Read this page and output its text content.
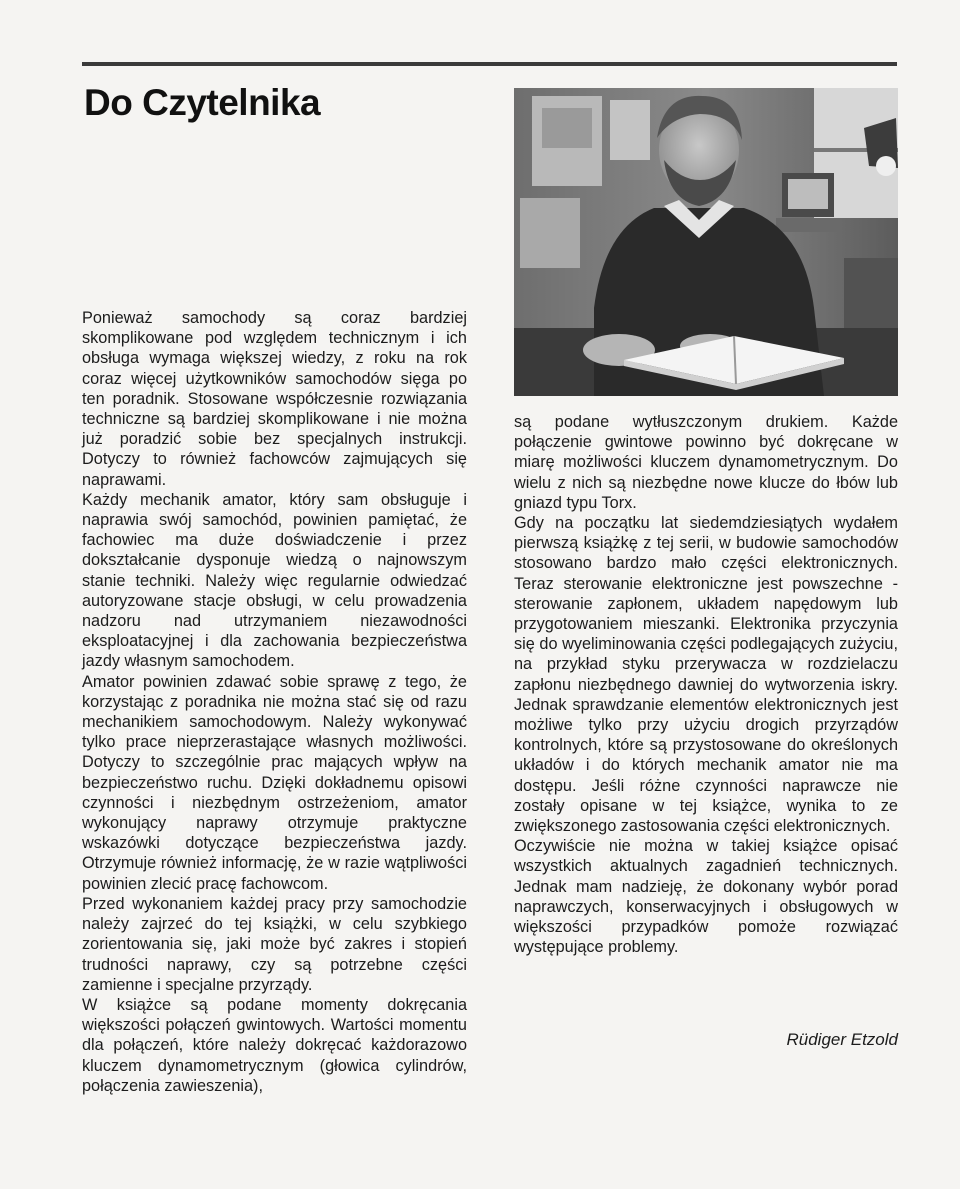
Do Czytelnika

Ponieważ samochody są coraz bardziej skomplikowane pod względem technicznym i ich obsługa wymaga większej wiedzy, z roku na rok coraz więcej użytkowników samochodów sięga po ten poradnik. Stosowane współczesnie rozwiązania techniczne są bardziej skomplikowane i nie można już poradzić sobie bez specjalnych instrukcji. Dotyczy to również fachowców zajmujących się naprawami.

Każdy mechanik amator, który sam obsługuje i naprawia swój samochód, powinien pamiętać, że fachowiec ma duże doświadczenie i przez dokształcanie dysponuje wiedzą o najnowszym stanie techniki. Należy więc regularnie odwiedzać autoryzowane stacje obsługi, w celu prowadzenia nadzoru nad utrzymaniem niezawodności eksploatacyjnej i dla zachowania bezpieczeństwa jazdy własnym samochodem.

Amator powinien zdawać sobie sprawę z tego, że korzystając z poradnika nie można stać się od razu mechanikiem samochodowym. Należy wykonywać tylko prace nieprzerastające własnych możliwości. Dotyczy to szczególnie prac mających wpływ na bezpieczeństwo ruchu. Dzięki dokładnemu opisowi czynności i niezbędnym ostrzeżeniom, amator wykonujący naprawy otrzymuje praktyczne wskazówki dotyczące bezpieczeństwa jazdy. Otrzymuje również informację, że w razie wątpliwości powinien zlecić pracę fachowcom.

Przed wykonaniem każdej pracy przy samochodzie należy zajrzeć do tej książki, w celu szybkiego zorientowania się, jaki może być zakres i stopień trudności naprawy, czy są potrzebne części zamienne i specjalne przyrządy.

W książce są podane momenty dokręcania większości połączeń gwintowych. Wartości momentu dla połączeń, które należy dokręcać każdorazowo kluczem dynamometrycznym (głowica cylindrów, połączenia zawieszenia),

są podane wytłuszczonym drukiem. Każde połączenie gwintowe powinno być dokręcane w miarę możliwości kluczem dynamometrycznym. Do wielu z nich są niezbędne nowe klucze do łbów lub gniazd typu Torx.

Gdy na początku lat siedemdziesiątych wydałem pierwszą książkę z tej serii, w budowie samochodów stosowano bardzo mało części elektronicznych. Teraz sterowanie elektroniczne jest powszechne - sterowanie zapłonem, układem napędowym lub przygotowaniem mieszanki. Elektronika przyczynia się do wyeliminowania części podlegających zużyciu, na przykład styku przerywacza w rozdzielaczu zapłonu niezbędnego dawniej do wytworzenia iskry. Jednak sprawdzanie elementów elektronicznych jest możliwe tylko przy użyciu drogich przyrządów kontrolnych, które są przystosowane do określonych układów i do których mechanik amator nie ma dostępu. Jeśli różne czynności naprawcze nie zostały opisane w tej książce, wynika to ze zwiększonego zastosowania części elektronicznych.

Oczywiście nie można w takiej książce opisać wszystkich aktualnych zagadnień technicznych. Jednak mam nadzieję, że dokonany wybór porad naprawczych, konserwacyjnych i obsługowych w większości przypadków pomoże rozwiązać występujące problemy.

Rüdiger Etzold
